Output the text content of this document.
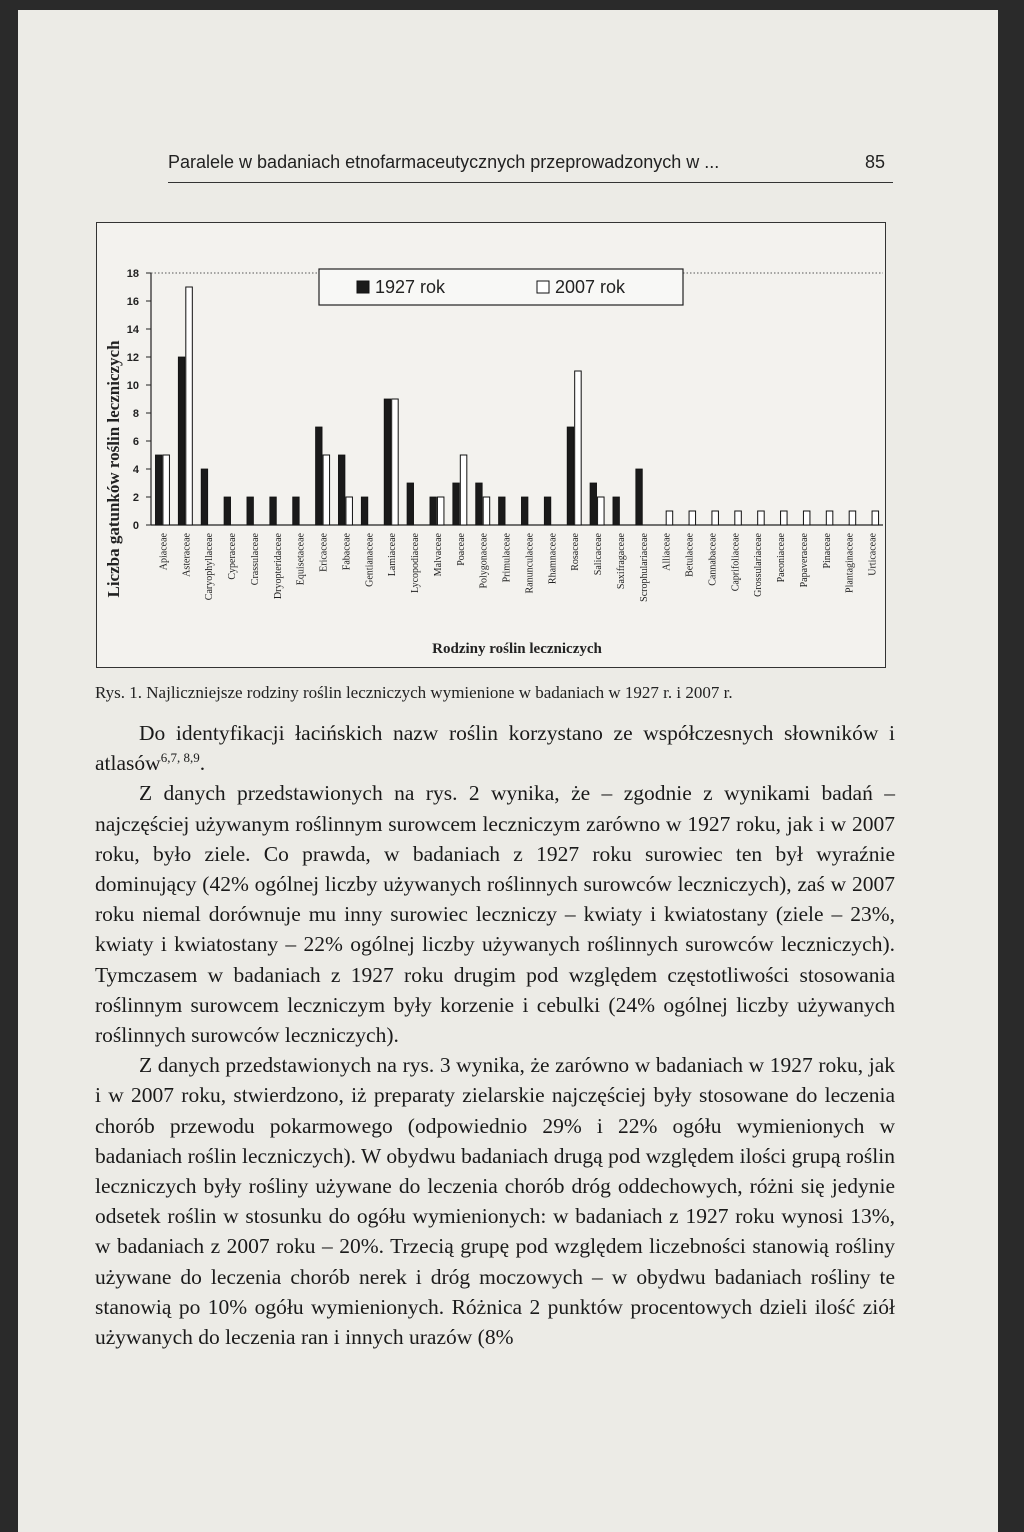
Paralele w badaniach etnofarmaceutycznych przeprowadzonych w ...	85
0
2
4
6
8
10
12
14
16
18
Liczba gatunków roślin leczniczych	Apiaceae Asteraceae Caryophyllaceae Cyperaceae Crassulaceae Dryopteridaceae Equisetaceae Ericaceae Fabaceae Gentianaceae Lamiaceae Lycopodiaceae Malvaceae Poaceae Polygonaceae Primulaceae Ranunculaceae Rhamnaceae Rosaceae Salicaceae Saxifragaceae Scrophulariaceae Alliaceae Betulaceae Cannabaceae Caprifoliaceae Grossulariaceae Paeoniaceae Papaveraceae Pinaceae Plantaginaceae Urticaceae
Rodziny roślin leczniczych
1927 rok	2007 rok
Rys. 1. Najliczniejsze rodziny roślin leczniczych wymienione w badaniach w 1927 r. i 2007 r.

Do identyfikacji łacińskich nazw roślin korzystano ze współczesnych słowników i atlasów$^{6,7, 8,9}$.

Z danych przedstawionych na rys. 2 wynika, że – zgodnie z wynikami badań – najczęściej używanym roślinnym surowcem leczniczym zarówno w 1927 roku, jak i w 2007 roku, było ziele. Co prawda, w badaniach z 1927 roku surowiec ten był wyraźnie dominujący (42% ogólnej liczby używanych roślinnych surowców leczniczych), zaś w 2007 roku niemal dorównuje mu inny surowiec leczniczy – kwiaty i kwiatostany (ziele – 23%, kwiaty i kwiatostany – 22% ogólnej liczby używanych roślinnych surowców leczniczych). Tymczasem w badaniach z 1927 roku drugim pod względem częstotliwości stosowania roślinnym surowcem leczniczym były korzenie i cebulki (24% ogólnej liczby używanych roślinnych surowców leczniczych).

Z danych przedstawionych na rys. 3 wynika, że zarówno w badaniach w 1927 roku, jak i w 2007 roku, stwierdzono, iż preparaty zielarskie najczęściej były stosowane do leczenia chorób przewodu pokarmowego (odpowiednio 29% i 22% ogółu wymienionych w badaniach roślin leczniczych). W obydwu badaniach drugą pod względem ilości grupą roślin leczniczych były rośliny używane do leczenia chorób dróg oddechowych, różni się jedynie odsetek roślin w stosunku do ogółu wymienionych: w badaniach z 1927 roku wynosi 13%, w badaniach z 2007 roku – 20%. Trzecią grupę pod względem liczebności stanowią rośliny używane do leczenia chorób nerek i dróg moczowych – w obydwu badaniach rośliny te stanowią po 10% ogółu wymienionych. Różnica 2 punktów procentowych dzieli ilość ziół używanych do leczenia ran i innych urazów (8%
